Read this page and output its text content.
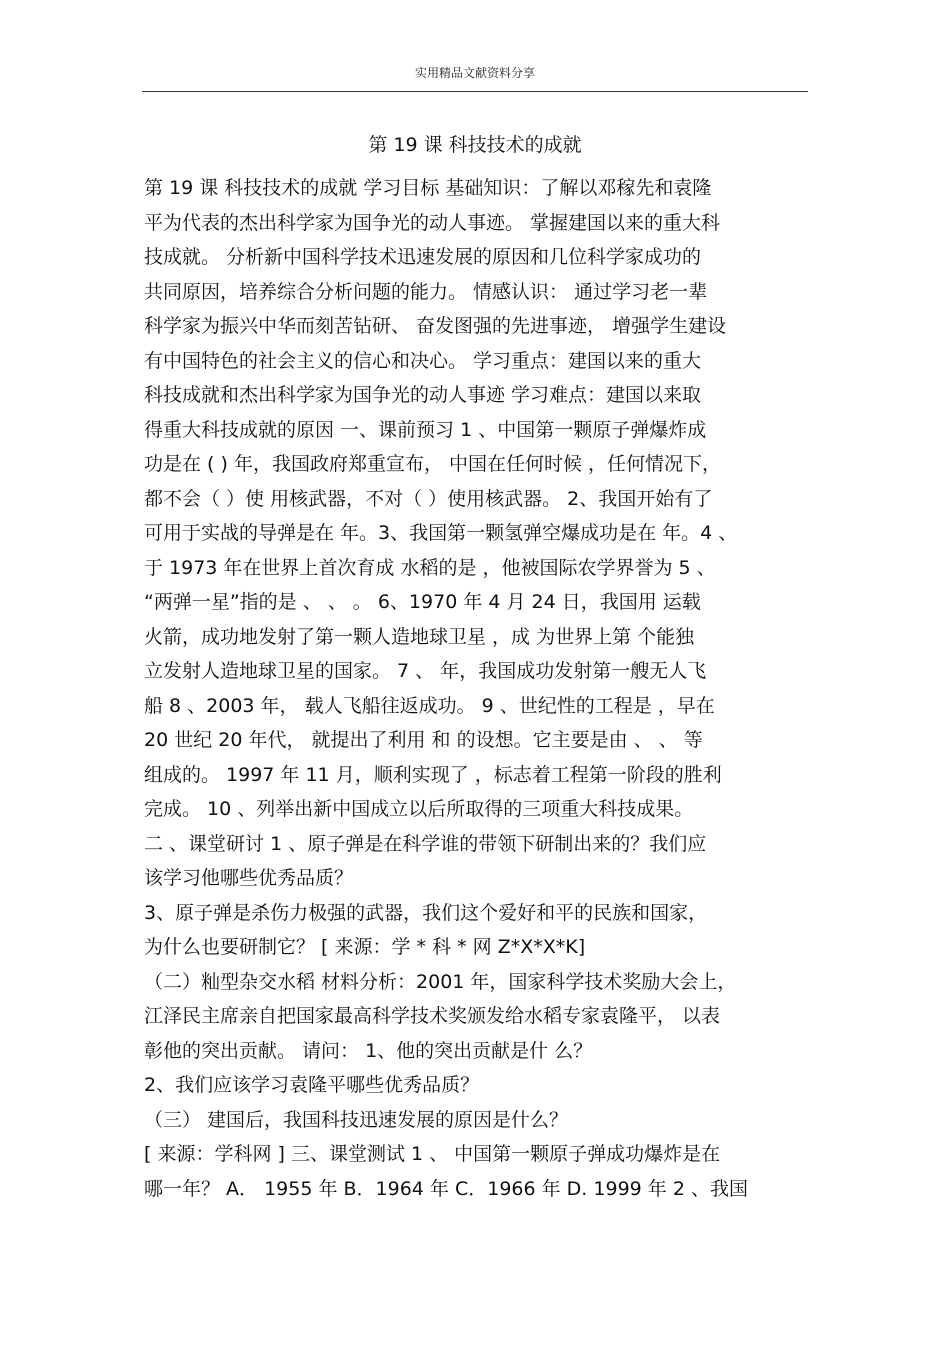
实用精品文献资料分享
第 19 课 科技技术的成就
第 19 课 科技技术的成就 学习目标 基础知识：了解以邓稼先和袁隆
平为代表的杰出科学家为国争光的动人事迹。 掌握建国以来的重大科
技成就。 分析新中国科学技术迅速发展的原因和几位科学家成功的
共同原因，培养综合分析问题的能力。 情感认识： 通过学习老一辈
科学家为振兴中华而刻苦钻研、 奋发图强的先进事迹， 增强学生建设
有中国特色的社会主义的信心和决心。 学习重点：建国以来的重大
科技成就和杰出科学家为国争光的动人事迹 学习难点：建国以来取
得重大科技成就的原因 一、课前预习 1 、中国第一颗原子弹爆炸成
功是在 ( ) 年，我国政府郑重宣布， 中国在任何时候 ，任何情况下，
都不会（ ）使 用核武器，不对（ ）使用核武器。 2、我国开始有了
可用于实战的导弹是在 年。3、我国第一颗氢弹空爆成功是在 年。4 、
于 1973 年在世界上首次育成 水稻的是 ，他被国际农学界誉为 5 、
“两弹一星”指的是 、 、 。 6、1970 年 4 月 24 日，我国用 运载
火箭，成功地发射了第一颗人造地球卫星 ，成 为世界上第 个能独
立发射人造地球卫星的国家。 7 、 年，我国成功发射第一艘无人飞
船 8 、2003 年， 载人飞船往返成功。 9 、世纪性的工程是 ，早在
20 世纪 20 年代， 就提出了利用 和 的设想。它主要是由 、 、 等
组成的。 1997 年 11 月，顺利实现了 ，标志着工程第一阶段的胜利
完成。 10 、列举出新中国成立以后所取得的三项重大科技成果。
二 、课堂研讨 1 、原子弹是在科学谁的带领下研制出来的？我们应
该学习他哪些优秀品质？
3、原子弹是杀伤力极强的武器，我们这个爱好和平的民族和国家，
为什么也要研制它？ [ 来源：学 * 科 * 网 Z*X*X*K]
（二）籼型杂交水稻 材料分析：2001 年，国家科学技术奖励大会上，
江泽民主席亲自把国家最高科学技术奖颁发给水稻专家袁隆平， 以表
彰他的突出贡献。 请问： 1、他的突出贡献是什 么？
2、我们应该学习袁隆平哪些优秀品质？
（三） 建国后，我国科技迅速发展的原因是什么？
[ 来源：学科网 ] 三、课堂测试 1 、 中国第一颗原子弹成功爆炸是在
哪一年？ A． 1955 年 B．1964 年 C．1966 年 D. 1999 年 2 、我国
